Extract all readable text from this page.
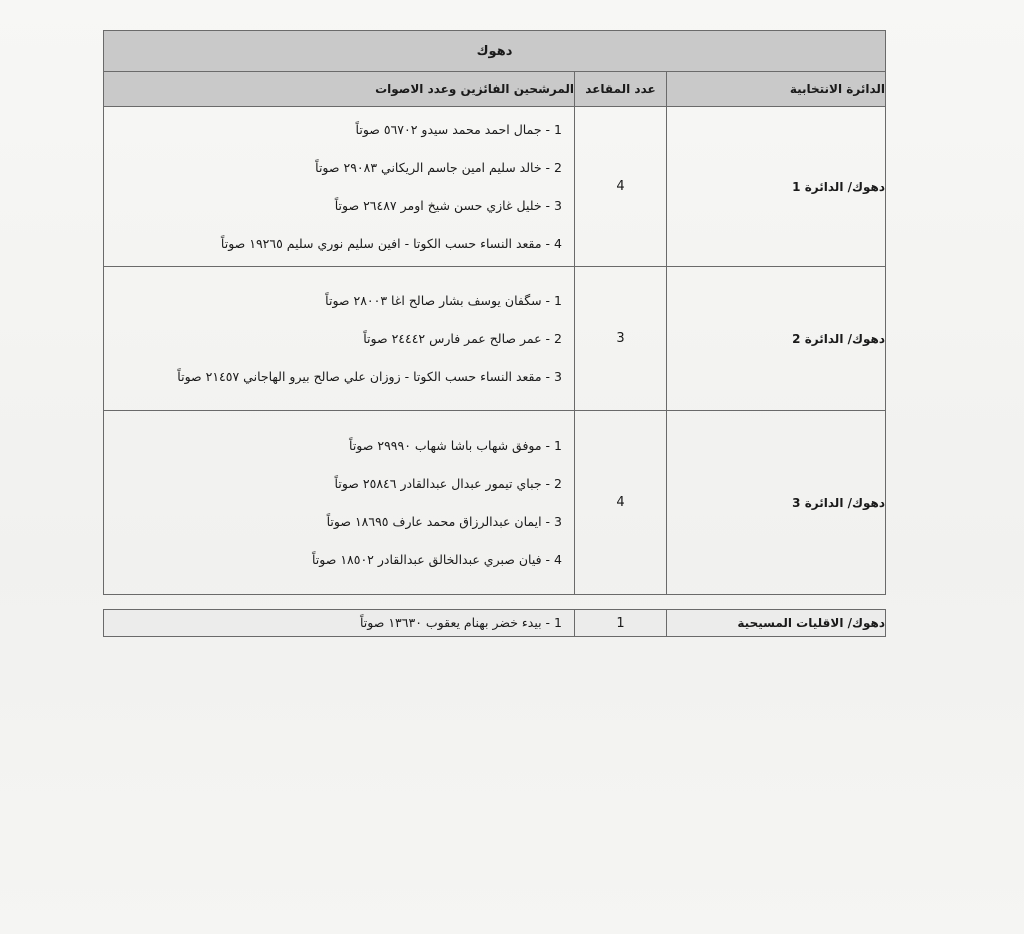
دهوك		
الدائرة الانتخابية	عدد المقاعد	المرشحين الفائزين وعدد الاصوات
دهوك/ الدائرة 1	4	1 - جمال احمد محمد سيدو ٥٦٧٠٢ صوتاً
2 - خالد سليم امين جاسم الريكاني ٢٩٠٨٣ صوتاً
3 - خليل غازي حسن شيخ اومر ٢٦٤٨٧ صوتاً
4 - مقعد النساء حسب الكوتا - افين سليم نوري سليم ١٩٢٦٥ صوتاً

دهوك/ الدائرة 2	3	1 - سگفان يوسف بشار صالح اغا ٢٨٠٠٣ صوتاً
2 - عمر صالح عمر فارس ٢٤٤٤٢ صوتاً
3 - مقعد النساء حسب الكوتا - زوزان علي صالح بيرو الهاجاني ٢١٤٥٧ صوتاً

دهوك/ الدائرة 3	4	1 - موفق شهاب باشا شهاب ٢٩٩٩٠ صوتاً
2 - جباي تيمور عبدال عبدالقادر ٢٥٨٤٦ صوتاً
3 - ايمان عبدالرزاق محمد عارف ١٨٦٩٥ صوتاً
4 - فيان صبري عبدالخالق عبدالقادر ١٨٥٠٢ صوتاً

دهوك/ الاقليات المسيحية	1	1 - بيدء خضر بهنام يعقوب ١٣٦٣٠ صوتاً
